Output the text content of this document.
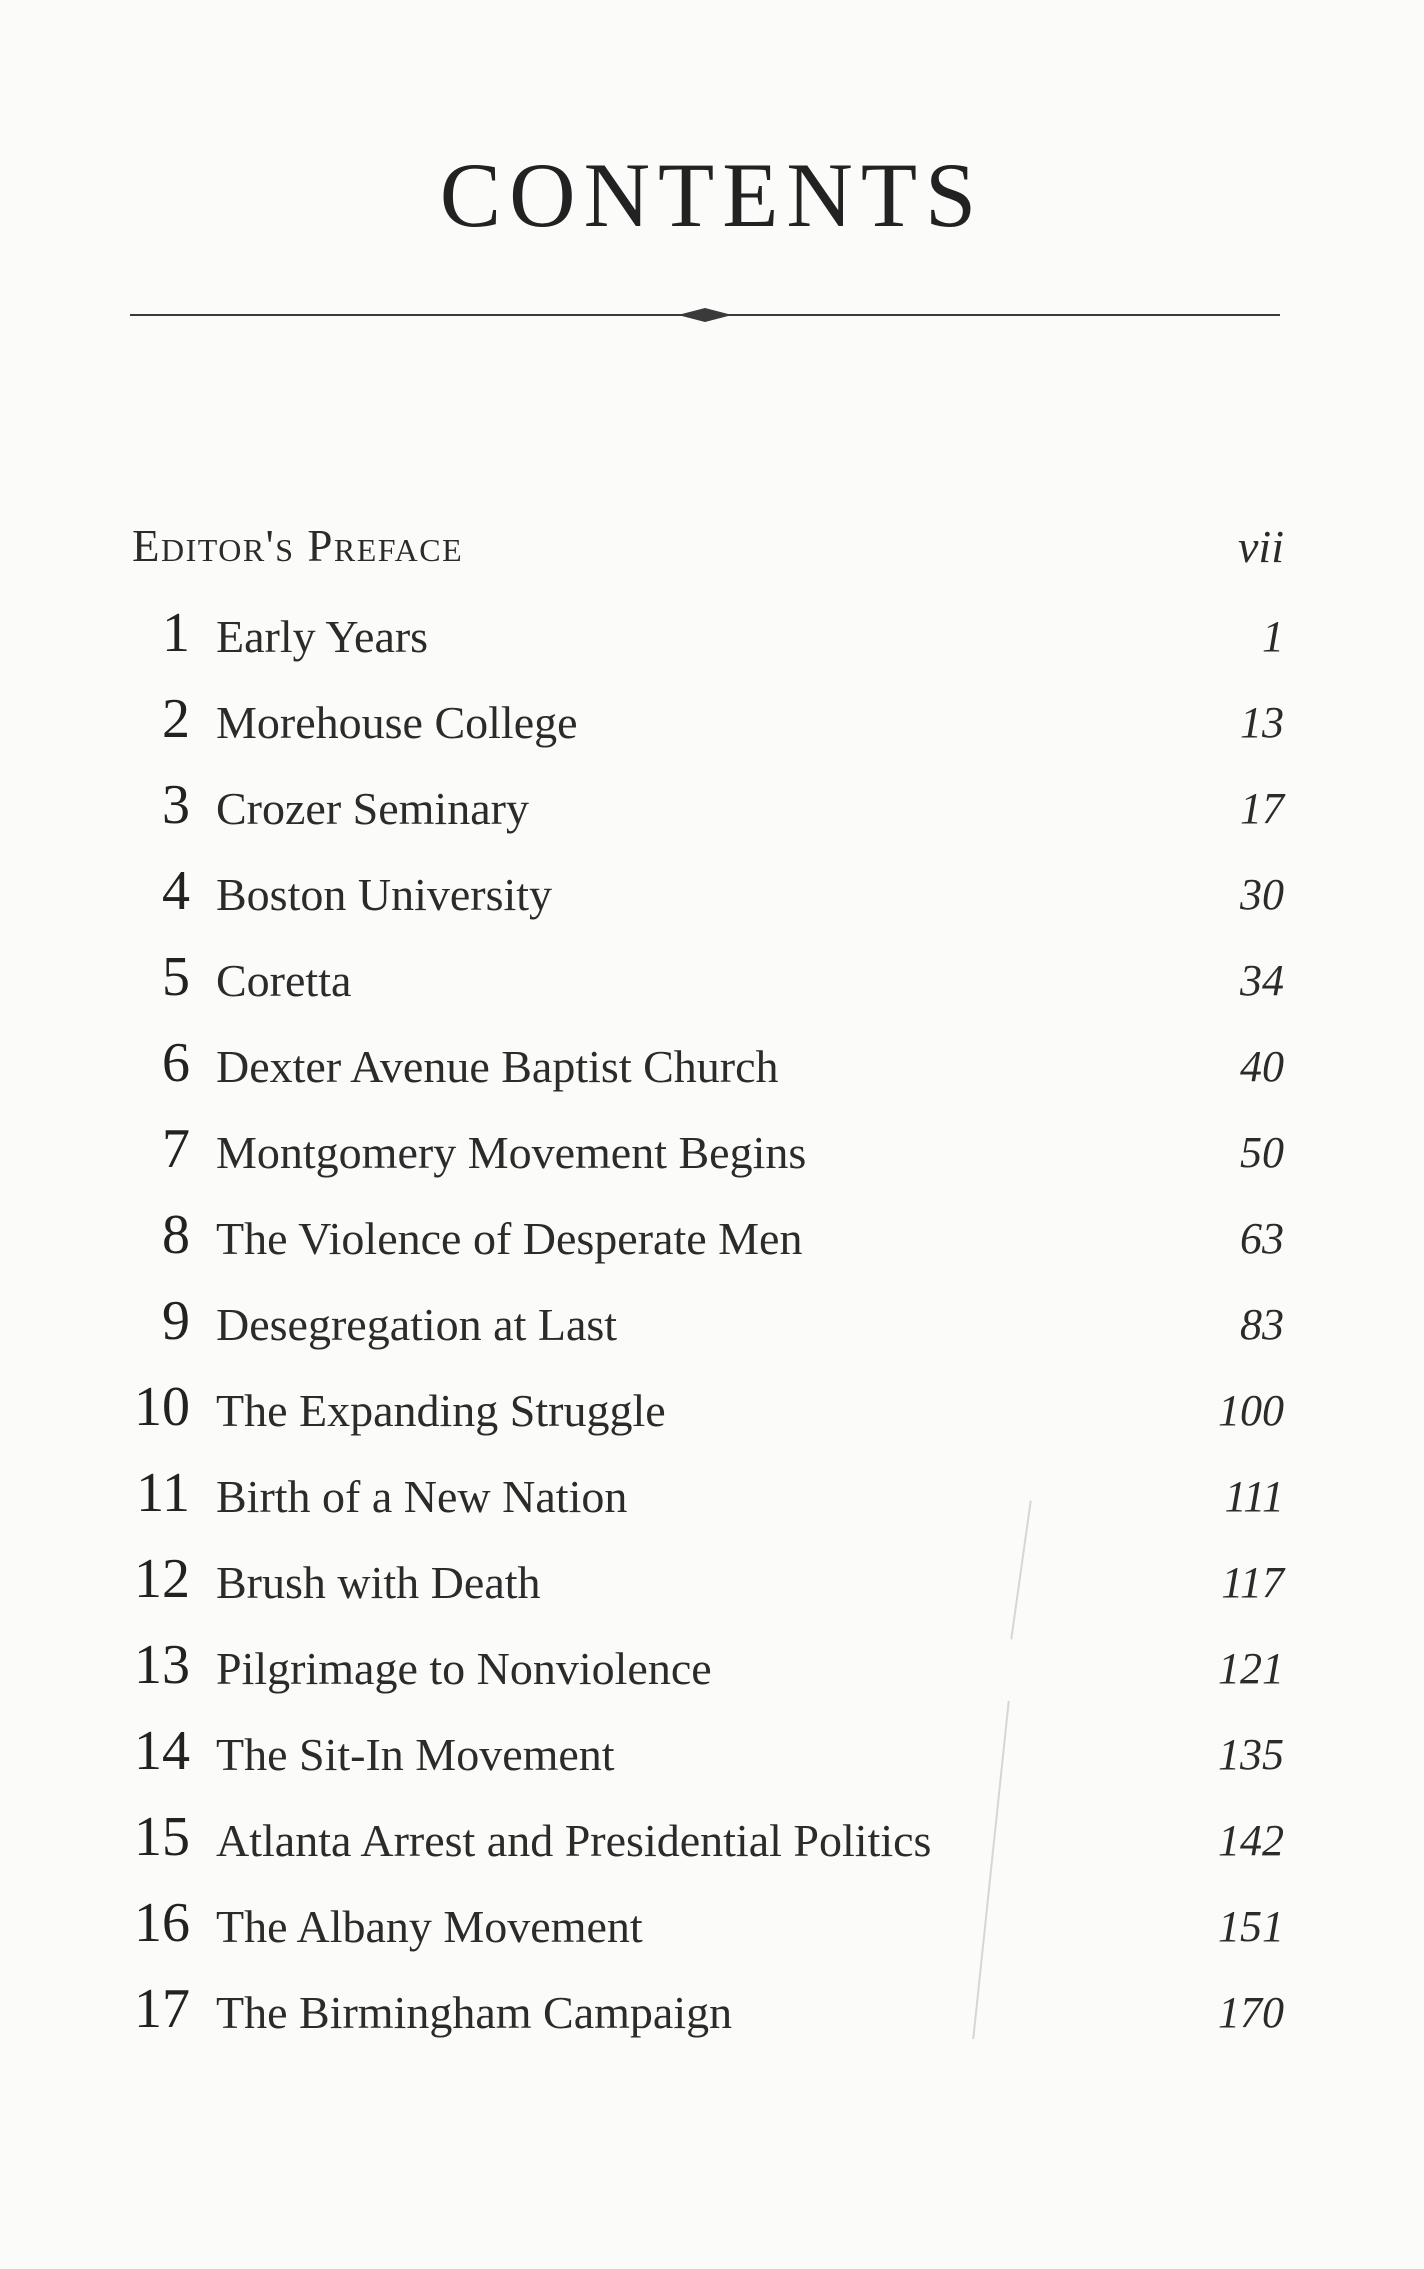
CONTENTS
Editor's Preface	vii
1 Early Years	1
2 Morehouse College	13
3 Crozer Seminary	17
4 Boston University	30
5 Coretta	34
6 Dexter Avenue Baptist Church	40
7 Montgomery Movement Begins	50
8 The Violence of Desperate Men	63
9 Desegregation at Last	83
10 The Expanding Struggle	100
11 Birth of a New Nation	111
12 Brush with Death	117
13 Pilgrimage to Nonviolence	121
14 The Sit-In Movement	135
15 Atlanta Arrest and Presidential Politics	142
16 The Albany Movement	151
17 The Birmingham Campaign	170
